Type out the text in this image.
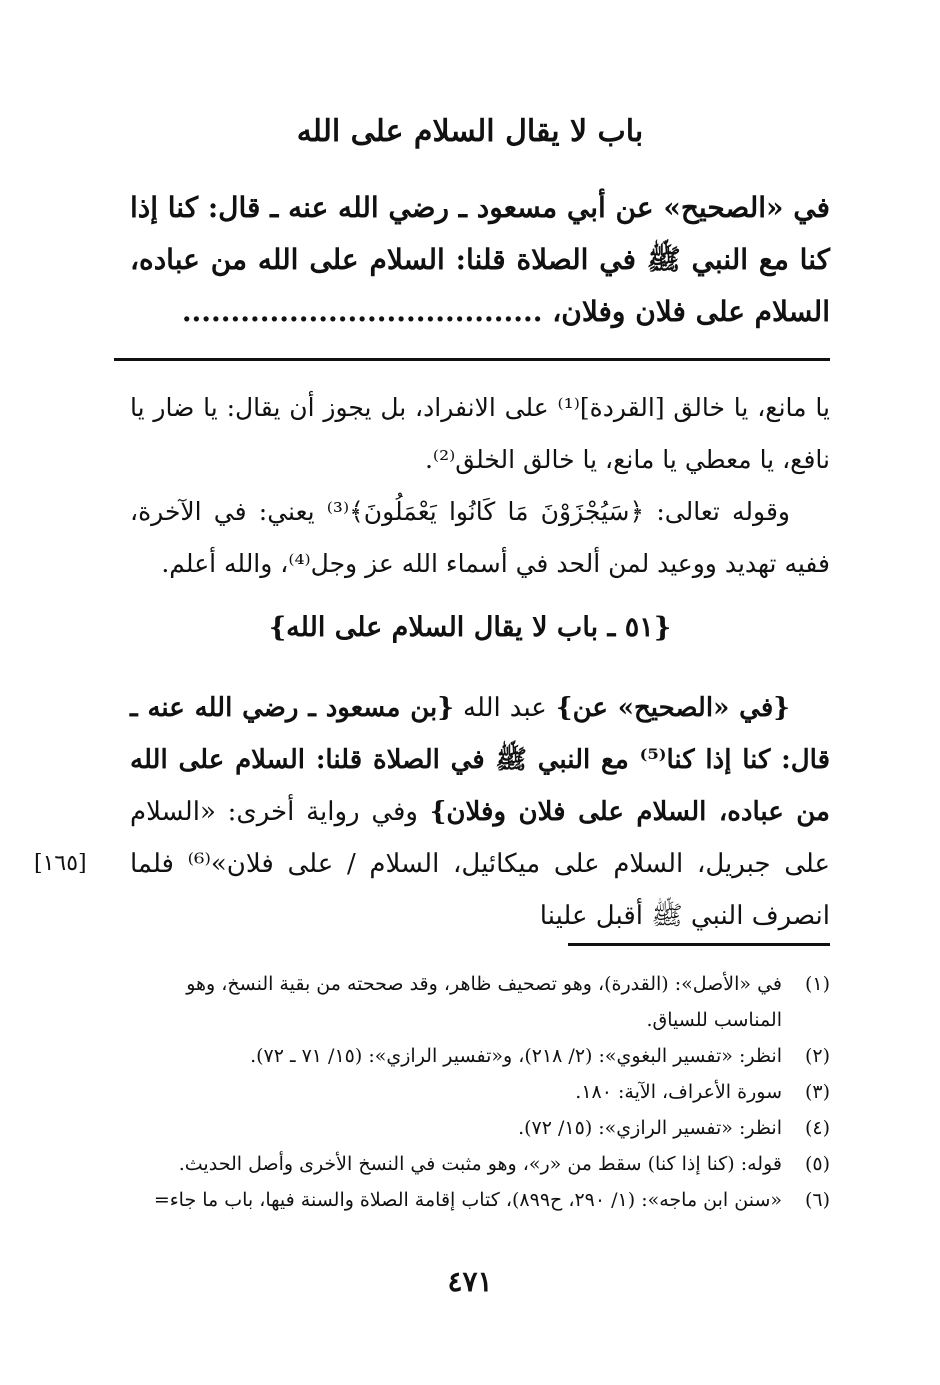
باب لا يقال السلام على الله
في «الصحيح» عن أبي مسعود ـ رضي الله عنه ـ قال: كنا إذا كنا مع النبي ﷺ في الصلاة قلنا: السلام على الله من عباده، السلام على فلان وفلان، .....................................

يا مانع، يا خالق [القردة]⁽¹⁾ على الانفراد، بل يجوز أن يقال: يا ضار يا نافع، يا معطي يا مانع، يا خالق الخلق⁽²⁾.

وقوله تعالى: ﴿سَيُجْزَوْنَ مَا كَانُوا يَعْمَلُونَ﴾⁽³⁾ يعني: في الآخرة، ففيه تهديد ووعيد لمن ألحد في أسماء الله عز وجل⁽⁴⁾، والله أعلم.

{٥١ ـ باب لا يقال السلام على الله}

{في «الصحيح» عن} عبد الله {بن مسعود ـ رضي الله عنه ـ قال: كنا إذا كنا⁽⁵⁾ مع النبي ﷺ في الصلاة قلنا: السلام على الله من عباده، السلام على فلان وفلان} وفي رواية أخرى: «السلام على جبريل، السلام على ميكائيل، السلام / على فلان»⁽⁶⁾ فلما انصرف النبي ﷺ أقبل علينا

[١٦٥]
(١)
في «الأصل»: (القدرة)، وهو تصحيف ظاهر، وقد صححته من بقية النسخ، وهو المناسب للسياق.
(٢)
انظر: «تفسير البغوي»: (٢/ ٢١٨)، و«تفسير الرازي»: (١٥/ ٧١ ـ ٧٢).
(٣)
سورة الأعراف، الآية: ١٨٠.
(٤)
انظر: «تفسير الرازي»: (١٥/ ٧٢).
(٥)
قوله: (كنا إذا كنا) سقط من «ر»، وهو مثبت في النسخ الأخرى وأصل الحديث.
(٦)
«سنن ابن ماجه»: (١/ ٢٩٠، ح٨٩٩)، كتاب إقامة الصلاة والسنة فيها، باب ما جاء=
٤٧١
